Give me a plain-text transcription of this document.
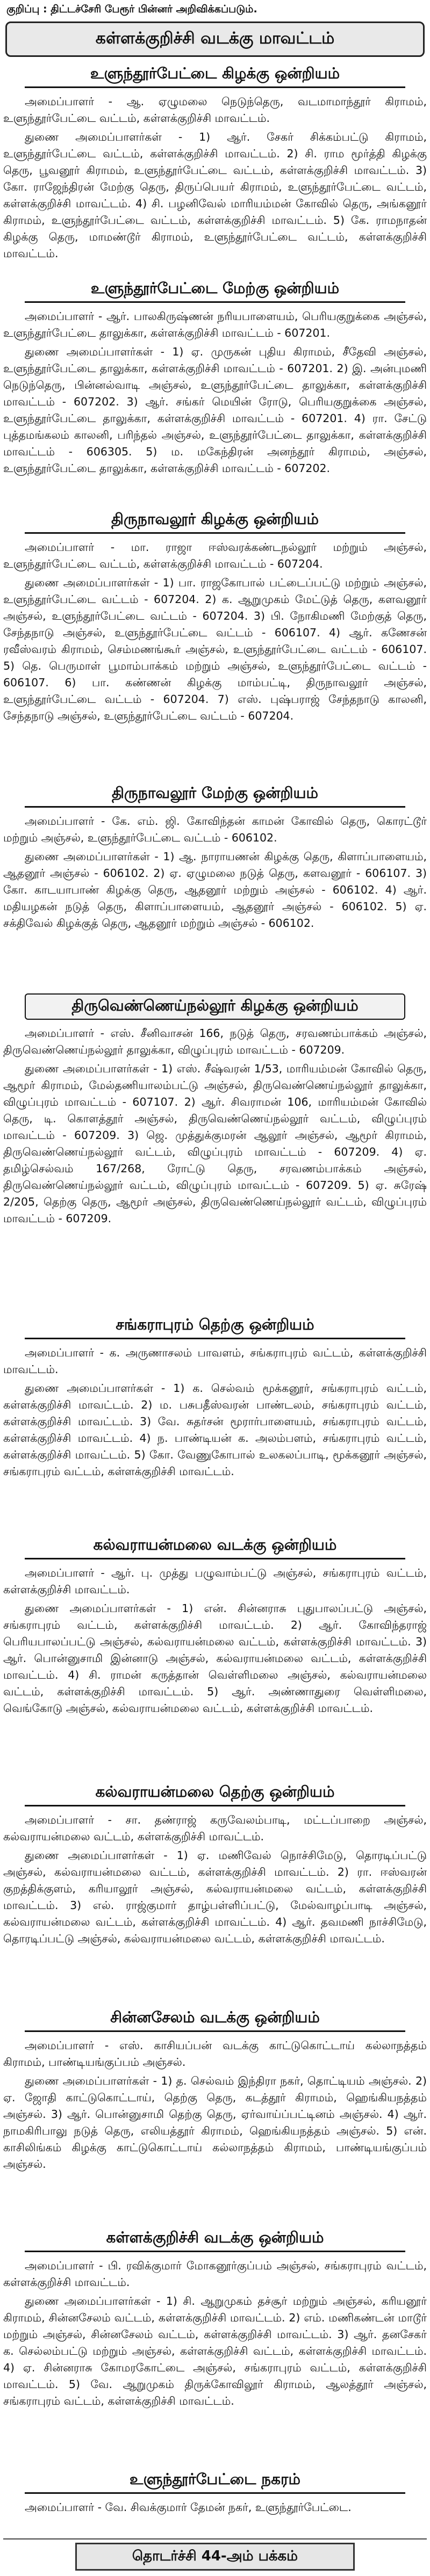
குறிப்பு : திட்டச்சேரி பேரூர் பின்னர் அறிவிக்கப்படும்.
கள்ளக்குறிச்சி வடக்கு மாவட்டம்
உளுந்தூர்பேட்டை கிழக்கு ஒன்றியம்

அமைப்பாளர் - ஆ. ஏழுமலை நெடுந்தெரு, வடமாமாந்தூர் கிராமம், உளுந்தூர்பேட்டை வட்டம், கள்ளக்குறிச்சி மாவட்டம்.

துணை அமைப்பாளர்கள் - 1) ஆர். சேகர் சிக்கம்பட்டு கிராமம், உளுந்தூர்பேட்டை வட்டம், கள்ளக்குறிச்சி மாவட்டம். 2) சி. ராம மூர்த்தி கிழக்கு தெரு, பூவனூர் கிராமம், உளுந்தூர்பேட்டை வட்டம், கள்ளக்குறிச்சி மாவட்டம். 3) கோ. ராஜேந்திரன் மேற்கு தெரு, திருப்பெயர் கிராமம், உளுந்தூர்பேட்டை வட்டம், கள்ளக்குறிச்சி மாவட்டம். 4) சி. பழனிவேல் மாரியம்மன் கோவில் தெரு, அங்கனூர் கிராமம், உளுந்தூர்பேட்டை வட்டம், கள்ளக்குறிச்சி மாவட்டம். 5) கே. ராமநாதன் கிழக்கு தெரு, மாமண்டூர் கிராமம், உளுந்தூர்பேட்டை வட்டம், கள்ளக்குறிச்சி மாவட்டம்.

உளுந்தூர்பேட்டை மேற்கு ஒன்றியம்

அமைப்பாளர் - ஆர். பாலகிருஷ்ணன் நரியபாளையம், பெரியகுறுக்கை அஞ்சல், உளுந்தூர்பேட்டை தாலுக்கா, கள்ளக்குறிச்சி மாவட்டம் - 607201.

துணை அமைப்பாளர்கள் - 1) ஏ. முருகன் புதிய கிராமம், சீதேவி அஞ்சல், உளுந்தூர்பேட்டை தாலுக்கா, கள்ளக்குறிச்சி மாவட்டம் - 607201. 2) இ. அன்புமணி நெடுந்தெரு, பின்னல்வாடி அஞ்சல், உளுந்தூர்பேட்டை தாலுக்கா, கள்ளக்குறிச்சி மாவட்டம் - 607202. 3) ஆர். சங்கர் மெயின் ரோடு, பெரியகுறுக்கை அஞ்சல், உளுந்தூர்பேட்டை தாலுக்கா, கள்ளக்குறிச்சி மாவட்டம் - 607201. 4) ரா. சேட்டு புத்தமங்கலம் காலனி, பரிந்தல் அஞ்சல், உளுந்தூர்பேட்டை தாலுக்கா, கள்ளக்குறிச்சி மாவட்டம் - 606305. 5) ம. மகேந்திரன் அனந்தூர் கிராமம், அஞ்சல், உளுந்தூர்பேட்டை தாலுக்கா, கள்ளக்குறிச்சி மாவட்டம் - 607202.

திருநாவலூர் கிழக்கு ஒன்றியம்

அமைப்பாளர் - மா. ராஜா ஈஸ்வரக்கண்டநல்லூர் மற்றும் அஞ்சல், உளுந்தூர்பேட்டை வட்டம், கள்ளக்குறிச்சி மாவட்டம் - 607204.

துணை அமைப்பாளர்கள் - 1) பா. ராஜகோபால் பட்டைப்பட்டு மற்றும் அஞ்சல், உளுந்தூர்பேட்டை வட்டம் - 607204. 2) க. ஆறுமுகம் மேட்டுத் தெரு, களவனூர் அஞ்சல், உளுந்தூர்பேட்டை வட்டம் - 607204. 3) பி. நோகிமணி மேற்குத் தெரு, சேந்தநாடு அஞ்சல், உளுந்தூர்பேட்டை வட்டம் - 606107. 4) ஆர். கணேசன் ரவீஸ்வரம் கிராமம், செம்மணங்கூர் அஞ்சல், உளுந்தூர்பேட்டை வட்டம் - 606107. 5) தெ. பெருமாள் பூமாம்பாக்கம் மற்றும் அஞ்சல், உளுந்தூர்பேட்டை வட்டம் - 606107. 6) பா. கண்ணன் கிழக்கு மாம்பட்டி, திருநாவலூர் அஞ்சல், உளுந்தூர்பேட்டை வட்டம் - 607204. 7) எஸ். புஷ்பராஜ் சேந்தநாடு காலனி, சேந்தநாடு அஞ்சல், உளுந்தூர்பேட்டை வட்டம் - 607204.

திருநாவலூர் மேற்கு ஒன்றியம்

அமைப்பாளர் - கே. எம். ஜி. கோவிந்தன் காமன் கோவில் தெரு, கொரட்டூர் மற்றும் அஞ்சல், உளுந்தூர்பேட்டை வட்டம் - 606102.

துணை அமைப்பாளர்கள் - 1) ஆ. நாராயணன் கிழக்கு தெரு, கிளாப்பாளையம், ஆதனூர் அஞ்சல் - 606102. 2) ஏ. ஏழுமலை நடுத் தெரு, களவனூர் - 606107. 3) கோ. காடயாபாண் கிழக்கு தெரு, ஆதனூர் மற்றும் அஞ்சல் - 606102. 4) ஆர். மதியழகன் நடுத் தெரு, கிளாப்பாளையம், ஆதனூர் அஞ்சல் - 606102. 5) ஏ. சக்திவேல் கிழக்குத் தெரு, ஆதனூர் மற்றும் அஞ்சல் - 606102.

திருவெண்ணெய்நல்லூர் கிழக்கு ஒன்றியம்

அமைப்பாளர் - எஸ். சீனிவாசன் 166, நடுத் தெரு, சரவணம்பாக்கம் அஞ்சல், திருவெண்ணெய்நல்லூர் தாலுக்கா, விழுப்புரம் மாவட்டம் - 607209.

துணை அமைப்பாளர்கள் - 1) எஸ். சீஷ்வரன் 1/53, மாரியம்மன் கோவில் தெரு, ஆமூர் கிராமம், மேல்தணியாலம்பட்டு அஞ்சல், திருவெண்ணெய்நல்லூர் தாலுக்கா, விழுப்புரம் மாவட்டம் - 607107. 2) ஆர். சிவராமன் 106, மாரியம்மன் கோவில் தெரு, டி. கொளத்தூர் அஞ்சல், திருவெண்ணெய்நல்லூர் வட்டம், விழுப்புரம் மாவட்டம் - 607209. 3) ஜெ. முத்துக்குமரன் ஆலூர் அஞ்சல், ஆமூர் கிராமம், திருவெண்ணெய்நல்லூர் வட்டம், விழுப்புரம் மாவட்டம் - 607209. 4) ஏ. தமிழ்செல்வம் 167/268, ரோட்டு தெரு, சரவணம்பாக்கம் அஞ்சல், திருவெண்ணெய்நல்லூர் வட்டம், விழுப்புரம் மாவட்டம் - 607209. 5) ஏ. சுரேஷ் 2/205, தெற்கு தெரு, ஆமூர் அஞ்சல், திருவெண்ணெய்நல்லூர் வட்டம், விழுப்புரம் மாவட்டம் - 607209.

சங்கராபுரம் தெற்கு ஒன்றியம்

அமைப்பாளர் - க. அருணாசலம் பாவளம், சங்கராபுரம் வட்டம், கள்ளக்குறிச்சி மாவட்டம்.

துணை அமைப்பாளர்கள் - 1) க. செல்வம் மூக்கனூர், சங்கராபுரம் வட்டம், கள்ளக்குறிச்சி மாவட்டம். 2) ம. பசுபதீஸ்வரன் பாண்டலம், சங்கராபுரம் வட்டம், கள்ளக்குறிச்சி மாவட்டம். 3) வே. சுதர்சன் மூரார்பாளையம், சங்கராபுரம் வட்டம், கள்ளக்குறிச்சி மாவட்டம். 4) ந. பாண்டியன் க. அலம்பளம், சங்கராபுரம் வட்டம், கள்ளக்குறிச்சி மாவட்டம். 5) கோ. வேணுகோபால் உலகலப்பாடி, மூக்கனூர் அஞ்சல், சங்கராபுரம் வட்டம், கள்ளக்குறிச்சி மாவட்டம்.

கல்வராயன்மலை வடக்கு ஒன்றியம்

அமைப்பாளர் - ஆர். பு. முத்து பழுவாம்பட்டு அஞ்சல், சங்கராபுரம் வட்டம், கள்ளக்குறிச்சி மாவட்டம்.

துணை அமைப்பாளர்கள் - 1) என். சின்னராசு புதுபாலப்பட்டு அஞ்சல், சங்கராபுரம் வட்டம், கள்ளக்குறிச்சி மாவட்டம். 2) ஆர். கோவிந்தராஜ் பெரியபாலப்பட்டு அஞ்சல், கல்வராயன்மலை வட்டம், கள்ளக்குறிச்சி மாவட்டம். 3) ஆர். பொன்னுசாமி இன்னாடு அஞ்சல், கல்வராயன்மலை வட்டம், கள்ளக்குறிச்சி மாவட்டம். 4) சி. ராமன் கருத்தான் வெள்ளிமலை அஞ்சல், கல்வராயன்மலை வட்டம், கள்ளக்குறிச்சி மாவட்டம். 5) ஆர். அண்ணாதுரை வெள்ளிமலை, வெங்கோடு அஞ்சல், கல்வராயன்மலை வட்டம், கள்ளக்குறிச்சி மாவட்டம்.

கல்வராயன்மலை தெற்கு ஒன்றியம்

அமைப்பாளர் - சா. தண்ராஜ் கருவேலம்பாடி, மட்டப்பாறை அஞ்சல், கல்வராயன்மலை வட்டம், கள்ளக்குறிச்சி மாவட்டம்.

துணை அமைப்பாளர்கள் - 1) ஏ. மணிவேல் நொச்சிமேடு, தொரடிப்பட்டு அஞ்சல், கல்வராயன்மலை வட்டம், கள்ளக்குறிச்சி மாவட்டம். 2) ரா. ஈஸ்வரன் குறத்திக்குளம், கரியாலூர் அஞ்சல், கல்வராயன்மலை வட்டம், கள்ளக்குறிச்சி மாவட்டம். 3) எல். ராஜ்குமார் தாழ்பள்ளிப்பட்டு, மேல்வாழப்பாடி அஞ்சல், கல்வராயன்மலை வட்டம், கள்ளக்குறிச்சி மாவட்டம். 4) ஆர். தவமணி நாச்சிமேடு, தொரடிப்பட்டு அஞ்சல், கல்வராயன்மலை வட்டம், கள்ளக்குறிச்சி மாவட்டம்.

சின்னசேலம் வடக்கு ஒன்றியம்

அமைப்பாளர் - எஸ். காசியப்பன் வடக்கு காட்டுகொட்டாய் கல்லாநத்தம் கிராமம், பாண்டியங்குப்பம் அஞ்சல்.

துணை அமைப்பாளர்கள் - 1) த. செல்வம் இந்திரா நகர், தொட்டியம் அஞ்சல். 2) ஏ. ஜோதி காட்டுகொட்டாய், தெற்கு தெரு, கடத்தூர் கிராமம், ஹெங்கியநத்தம் அஞ்சல். 3) ஆர். பொன்னுசாமி தெற்கு தெரு, ஏர்வாய்ப்பட்டினம் அஞ்சல். 4) ஆர். நாமகிரிபாலு நடுத் தெரு, எலியத்தூர் கிராமம், ஹெங்கியநத்தம் அஞ்சல். 5) என். காசிலிங்கம் கிழக்கு காட்டுகொட்டாய் கல்லாநத்தம் கிராமம், பாண்டியங்குப்பம் அஞ்சல்.

கள்ளக்குறிச்சி வடக்கு ஒன்றியம்

அமைப்பாளர் - பி. ரவிக்குமார் மோகனூர்குப்பம் அஞ்சல், சங்கராபுரம் வட்டம், கள்ளக்குறிச்சி மாவட்டம்.

துணை அமைப்பாளர்கள் - 1) சி. ஆறுமுகம் தச்சூர் மற்றும் அஞ்சல், கரியனூர் கிராமம், சின்னசேலம் வட்டம், கள்ளக்குறிச்சி மாவட்டம். 2) எம். மணிகண்டன் மாடூர் மற்றும் அஞ்சல், சின்னசேலம் வட்டம், கள்ளக்குறிச்சி மாவட்டம். 3) ஆர். தனசேகர் க. செல்லம்பட்டு மற்றும் அஞ்சல், கள்ளக்குறிச்சி வட்டம், கள்ளக்குறிச்சி மாவட்டம். 4) ஏ. சின்னராசு கோமரகோட்டை அஞ்சல், சங்கராபுரம் வட்டம், கள்ளக்குறிச்சி மாவட்டம். 5) வே. ஆறுமுகம் திருக்கோவிலூர் கிராமம், ஆலத்தூர் அஞ்சல், சங்கராபுரம் வட்டம், கள்ளக்குறிச்சி மாவட்டம்.

உளுந்தூர்பேட்டை நகரம்

அமைப்பாளர் - வே. சிவக்குமார் தேமன் நகர், உளுந்தூர்பேட்டை.

தொடர்ச்சி 44-அம் பக்கம்
